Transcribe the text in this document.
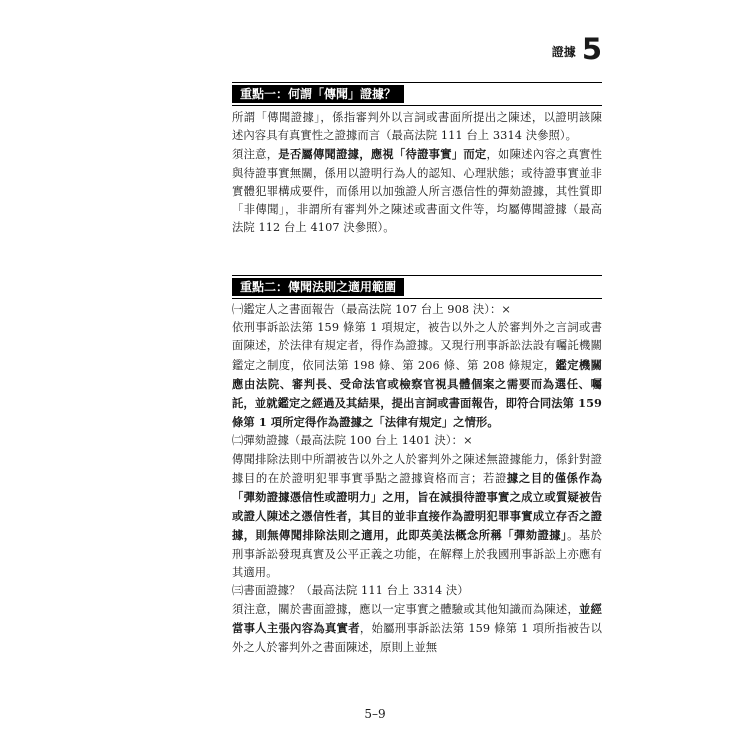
證據 5
重點一：何謂「傳聞」證據？

所謂「傳聞證據」，係指審判外以言詞或書面所提出之陳述，以證明該陳述內容具有真實性之證據而言（最高法院 111 台上 3314 決參照）。

須注意，是否屬傳聞證據，應視「待證事實」而定，如陳述內容之真實性與待證事實無關，係用以證明行為人的認知、心理狀態；或待證事實並非實體犯罪構成要件，而係用以加強證人所言憑信性的彈劾證據，其性質即「非傳聞」，非謂所有審判外之陳述或書面文件等，均屬傳聞證據（最高法院 112 台上 4107 決參照）。

重點二：傳聞法則之適用範圍

㈠鑑定人之書面報告（最高法院 107 台上 908 決）：×

依刑事訴訟法第 159 條第 1 項規定，被告以外之人於審判外之言詞或書面陳述，於法律有規定者，得作為證據。又現行刑事訴訟法設有囑託機關鑑定之制度，依同法第 198 條、第 206 條、第 208 條規定，鑑定機關應由法院、審判長、受命法官或檢察官視具體個案之需要而為選任、囑託，並就鑑定之經過及其結果，提出言詞或書面報告，即符合同法第 159 條第 1 項所定得作為證據之「法律有規定」之情形。

㈡彈劾證據（最高法院 100 台上 1401 決）：×

傳聞排除法則中所謂被告以外之人於審判外之陳述無證據能力，係針對證據目的在於證明犯罪事實爭點之證據資格而言；若證據之目的僅係作為「彈劾證據憑信性或證明力」之用，旨在減損待證事實之成立或質疑被告或證人陳述之憑信性者，其目的並非直接作為證明犯罪事實成立存否之證據，則無傳聞排除法則之適用，此即英美法概念所稱「彈劾證據」。基於刑事訴訟發現真實及公平正義之功能，在解釋上於我國刑事訴訟上亦應有其適用。

㈢書面證據？（最高法院 111 台上 3314 決）

須注意，關於書面證據，應以一定事實之體驗或其他知識而為陳述，並經當事人主張內容為真實者，始屬刑事訴訟法第 159 條第 1 項所指被告以外之人於審判外之書面陳述，原則上並無

5–9
